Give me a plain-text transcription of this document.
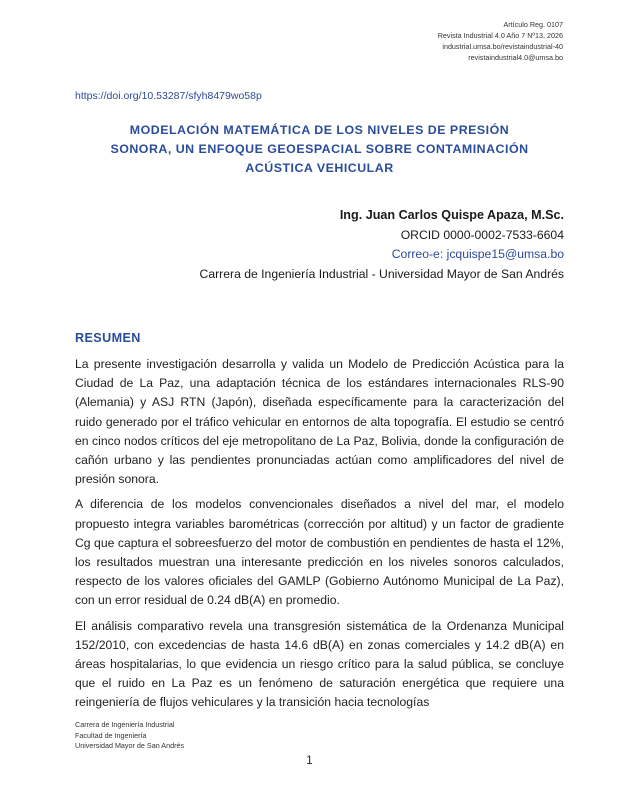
Artículo Reg. 0107
Revista Industrial 4.0 Año 7 Nº13, 2026
industrial.umsa.bo/revistaindustrial-40
revistaindustrial4.0@umsa.bo
https://doi.org/10.53287/sfyh8479wo58p
MODELACIÓN MATEMÁTICA DE LOS NIVELES DE PRESIÓN
SONORA, UN ENFOQUE GEOESPACIAL SOBRE CONTAMINACIÓN
ACÚSTICA VEHICULAR
Ing. Juan Carlos Quispe Apaza, M.Sc.
ORCID 0000-0002-7533-6604
Correo-e: jcquispe15@umsa.bo
Carrera de Ingeniería Industrial - Universidad Mayor de San Andrés
RESUMEN

La presente investigación desarrolla y valida un Modelo de Predicción Acústica para la Ciudad de La Paz, una adaptación técnica de los estándares internacionales RLS-90 (Alemania) y ASJ RTN (Japón), diseñada específicamente para la caracterización del ruido generado por el tráfico vehicular en entornos de alta topografía. El estudio se centró en cinco nodos críticos del eje metropolitano de La Paz, Bolivia, donde la configuración de cañón urbano y las pendientes pronunciadas actúan como amplificadores del nivel de presión sonora.

A diferencia de los modelos convencionales diseñados a nivel del mar, el modelo propuesto integra variables barométricas (corrección por altitud) y un factor de gradiente Cg que captura el sobreesfuerzo del motor de combustión en pendientes de hasta el 12%, los resultados muestran una interesante predicción en los niveles sonoros calculados, respecto de los valores oficiales del GAMLP (Gobierno Autónomo Municipal de La Paz), con un error residual de 0.24 dB(A) en promedio.

El análisis comparativo revela una transgresión sistemática de la Ordenanza Municipal 152/2010, con excedencias de hasta 14.6 dB(A) en zonas comerciales y 14.2 dB(A) en áreas hospitalarias, lo que evidencia un riesgo crítico para la salud pública, se concluye que el ruido en La Paz es un fenómeno de saturación energética que requiere una reingeniería de flujos vehiculares y la transición hacia tecnologías

Carrera de Ingeniería Industrial
Facultad de Ingeniería
Universidad Mayor de San Andrés
1
